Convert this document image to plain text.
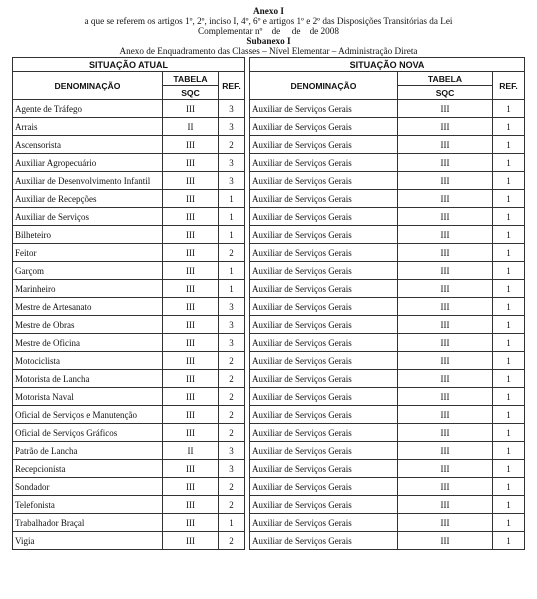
Anexo I
a que se referem os artigos 1º, 2º, inciso I, 4º, 6º e artigos 1º e 2º das Disposições Transitórias da Lei
Complementar nº    de     de    de 2008
Subanexo I
Anexo de Enquadramento das Classes – Nível Elementar – Administração Direta
SITUAÇÃO ATUAL				SITUAÇÃO NOVA		
DENOMINAÇÃO	TABELA	REF.		DENOMINAÇÃO	TABELA	REF.
	SQC				SQC	
Agente de Tráfego	III	3		Auxiliar de Serviços Gerais	III	1
Arrais	II	3		Auxiliar de Serviços Gerais	III	1
Ascensorista	III	2		Auxiliar de Serviços Gerais	III	1
Auxiliar Agropecuário	III	3		Auxiliar de Serviços Gerais	III	1
Auxiliar de Desenvolvimento Infantil	III	3		Auxiliar de Serviços Gerais	III	1
Auxiliar de Recepções	III	1		Auxiliar de Serviços Gerais	III	1
Auxiliar de Serviços	III	1		Auxiliar de Serviços Gerais	III	1
Bilheteiro	III	1		Auxiliar de Serviços Gerais	III	1
Feitor	III	2		Auxiliar de Serviços Gerais	III	1
Garçom	III	1		Auxiliar de Serviços Gerais	III	1
Marinheiro	III	1		Auxiliar de Serviços Gerais	III	1
Mestre de Artesanato	III	3		Auxiliar de Serviços Gerais	III	1
Mestre de Obras	III	3		Auxiliar de Serviços Gerais	III	1
Mestre de Oficina	III	3		Auxiliar de Serviços Gerais	III	1
Motociclista	III	2		Auxiliar de Serviços Gerais	III	1
Motorista de Lancha	III	2		Auxiliar de Serviços Gerais	III	1
Motorista Naval	III	2		Auxiliar de Serviços Gerais	III	1
Oficial de Serviços e Manutenção	III	2		Auxiliar de Serviços Gerais	III	1
Oficial de Serviços Gráficos	III	2		Auxiliar de Serviços Gerais	III	1
Patrão de Lancha	II	3		Auxiliar de Serviços Gerais	III	1
Recepcionista	III	3		Auxiliar de Serviços Gerais	III	1
Sondador	III	2		Auxiliar de Serviços Gerais	III	1
Telefonista	III	2		Auxiliar de Serviços Gerais	III	1
Trabalhador Braçal	III	1		Auxiliar de Serviços Gerais	III	1
Vigia	III	2		Auxiliar de Serviços Gerais	III	1
